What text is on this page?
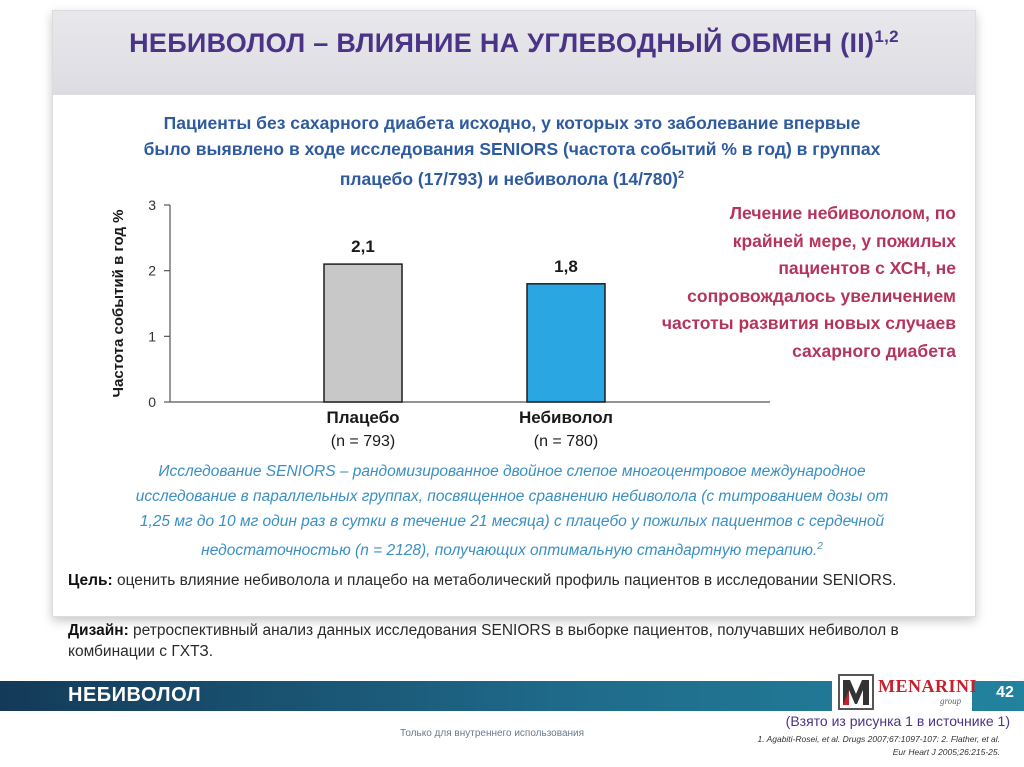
НЕБИВОЛОЛ – ВЛИЯНИЕ НА УГЛЕВОДНЫЙ ОБМЕН (II)$^{1,2}$
Пациенты без сахарного диабета исходно, у которых это заболевание впервые
было выявлено в ходе исследования SENIORS (частота событий % в год) в группах
плацебо (17/793) и небиволола $(14/780)^2$
Частота событий в год %
0
1
2
3
2,1
Плацебо
(n = 793)
1,8
Небиволол
(n = 780)
Лечение небивололом, по
крайней мере, у пожилых
пациентов с ХСН, не
сопровождалось увеличением
частоты развития новых случаев
сахарного диабета
Исследование SENIORS – рандомизированное двойное слепое многоцентровое международное
исследование в параллельных группах, посвященное сравнению небиволола (с титрованием дозы от
1,25 мг до 10 мг один раз в сутки в течение 21 месяца) с плацебо у пожилых пациентов с сердечной
недостаточностью (n = 2128), получающих оптимальную стандартную терапию.$^2$
Цель: оценить влияние небиволола и плацебо на метаболический профиль пациентов в исследовании SENIORS.
Дизайн: ретроспективный анализ данных исследования SENIORS в выборке пациентов, получавших небиволол в комбинации с ГХТЗ.
НЕБИВОЛОЛ	MENARINI
group	42
Только для внутреннего использования
(Взято из рисунка 1 в источнике 1)
1. Agabiti-Rosei, et al. Drugs 2007;67:1097-107: 2. Flather, et al.
Eur Heart J 2005;26:215-25.
